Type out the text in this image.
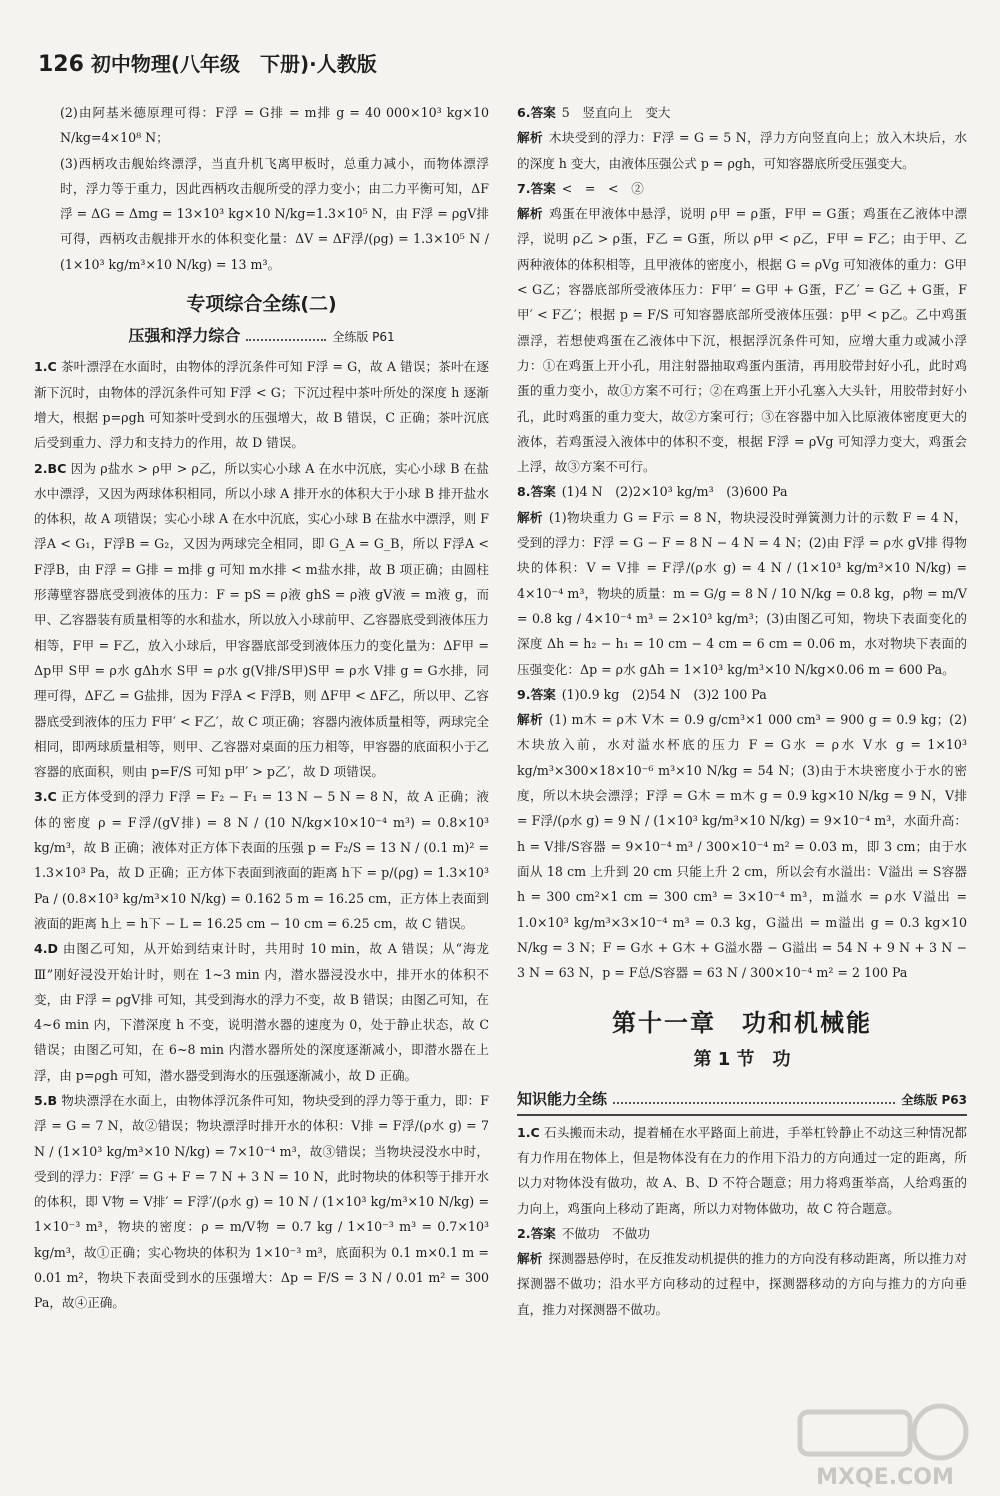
126 初中物理(八年级　下册)·人教版

(2)由阿基米德原理可得：F浮 = G排 = m排 g = 40 000×10³ kg×10 N/kg=4×10⁸ N；

(3)西柄攻击舰始终漂浮，当直升机飞离甲板时，总重力减小，而物体漂浮时，浮力等于重力，因此西柄攻击舰所受的浮力变小；由二力平衡可知，ΔF浮 = ΔG = Δmg = 13×10³ kg×10 N/kg=1.3×10⁵ N，由 F浮 = ρgV排 可得，西柄攻击舰排开水的体积变化量：ΔV = ΔF浮/(ρg) = 1.3×10⁵ N / (1×10³ kg/m³×10 N/kg) = 13 m³。

专项综合全练(二)
压强和浮力综合	全练版 P61

1.C 茶叶漂浮在水面时，由物体的浮沉条件可知 F浮 = G，故 A 错误；茶叶在逐渐下沉时，由物体的浮沉条件可知 F浮 < G；下沉过程中茶叶所处的深度 h 逐渐增大，根据 p=ρgh 可知茶叶受到水的压强增大，故 B 错误，C 正确；茶叶沉底后受到重力、浮力和支持力的作用，故 D 错误。

2.BC 因为 ρ盐水 > ρ甲 > ρ乙，所以实心小球 A 在水中沉底，实心小球 B 在盐水中漂浮，又因为两球体积相同，所以小球 A 排开水的体积大于小球 B 排开盐水的体积，故 A 项错误；实心小球 A 在水中沉底，实心小球 B 在盐水中漂浮，则 F浮A < G₁，F浮B = G₂，又因为两球完全相同，即 G_A = G_B，所以 F浮A < F浮B，由 F浮 = G排 = m排 g 可知 m水排 < m盐水排，故 B 项正确；由圆柱形薄壁容器底受到液体的压力：F = pS = ρ液 ghS = ρ液 gV液 = m液 g，而甲、乙容器装有质量相等的水和盐水，所以放入小球前甲、乙容器底受到液体压力相等，F甲 = F乙，放入小球后，甲容器底部受到液体压力的变化量为：ΔF甲 = Δp甲 S甲 = ρ水 gΔh水 S甲 = ρ水 g(V排/S甲)S甲 = ρ水 V排 g = G水排，同理可得，ΔF乙 = G盐排，因为 F浮A < F浮B，则 ΔF甲 < ΔF乙，所以甲、乙容器底受到液体的压力 F甲′ < F乙′，故 C 项正确；容器内液体质量相等，两球完全相同，即两球质量相等，则甲、乙容器对桌面的压力相等，甲容器的底面积小于乙容器的底面积，则由 p=F/S 可知 p甲′ > p乙′，故 D 项错误。

3.C 正方体受到的浮力 F浮 = F₂ − F₁ = 13 N − 5 N = 8 N，故 A 正确；液体的密度 ρ = F浮/(gV排) = 8 N / (10 N/kg×10×10⁻⁴ m³) = 0.8×10³ kg/m³，故 B 正确；液体对正方体下表面的压强 p = F₂/S = 13 N / (0.1 m)² = 1.3×10³ Pa，故 D 正确；正方体下表面到液面的距离 h下 = p/(ρg) = 1.3×10³ Pa / (0.8×10³ kg/m³×10 N/kg) = 0.162 5 m = 16.25 cm，正方体上表面到液面的距离 h上 = h下 − L = 16.25 cm − 10 cm = 6.25 cm，故 C 错误。

4.D 由图乙可知，从开始到结束计时，共用时 10 min，故 A 错误；从“海龙Ⅲ”刚好浸没开始计时，则在 1~3 min 内，潜水器浸没水中，排开水的体积不变，由 F浮 = ρgV排 可知，其受到海水的浮力不变，故 B 错误；由图乙可知，在 4~6 min 内，下潜深度 h 不变，说明潜水器的速度为 0，处于静止状态，故 C 错误；由图乙可知，在 6~8 min 内潜水器所处的深度逐渐减小，即潜水器在上浮，由 p=ρgh 可知，潜水器受到海水的压强逐渐减小，故 D 正确。

5.B 物块漂浮在水面上，由物体浮沉条件可知，物块受到的浮力等于重力，即：F浮 = G = 7 N，故②错误；物块漂浮时排开水的体积：V排 = F浮/(ρ水 g) = 7 N / (1×10³ kg/m³×10 N/kg) = 7×10⁻⁴ m³，故③错误；当物块浸没水中时，受到的浮力：F浮′ = G + F = 7 N + 3 N = 10 N，此时物块的体积等于排开水的体积，即 V物 = V排′ = F浮′/(ρ水 g) = 10 N / (1×10³ kg/m³×10 N/kg) = 1×10⁻³ m³，物块的密度：ρ = m/V物 = 0.7 kg / 1×10⁻³ m³ = 0.7×10³ kg/m³，故①正确；实心物块的体积为 1×10⁻³ m³，底面积为 0.1 m×0.1 m = 0.01 m²，物块下表面受到水的压强增大：Δp = F/S = 3 N / 0.01 m² = 300 Pa，故④正确。

6.答案 5　竖直向上　变大

解析 木块受到的浮力：F浮 = G = 5 N，浮力方向竖直向上；放入木块后，水的深度 h 变大，由液体压强公式 p = ρgh，可知容器底所受压强变大。

7.答案 <　=　<　②

解析 鸡蛋在甲液体中悬浮，说明 ρ甲 = ρ蛋，F甲 = G蛋；鸡蛋在乙液体中漂浮，说明 ρ乙 > ρ蛋，F乙 = G蛋，所以 ρ甲 < ρ乙，F甲 = F乙；由于甲、乙两种液体的体积相等，且甲液体的密度小，根据 G = ρVg 可知液体的重力：G甲 < G乙；容器底部所受液体压力：F甲′ = G甲 + G蛋，F乙′ = G乙 + G蛋，F甲′ < F乙′；根据 p = F/S 可知容器底部所受液体压强：p甲 < p乙。乙中鸡蛋漂浮，若想使鸡蛋在乙液体中下沉，根据浮沉条件可知，应增大重力或减小浮力：①在鸡蛋上开小孔，用注射器抽取鸡蛋内蛋清，再用胶带封好小孔，此时鸡蛋的重力变小，故①方案不可行；②在鸡蛋上开小孔塞入大头针，用胶带封好小孔，此时鸡蛋的重力变大，故②方案可行；③在容器中加入比原液体密度更大的液体，若鸡蛋浸入液体中的体积不变，根据 F浮 = ρVg 可知浮力变大，鸡蛋会上浮，故③方案不可行。

8.答案 (1)4 N　(2)2×10³ kg/m³　(3)600 Pa

解析 (1)物块重力 G = F示 = 8 N，物块浸没时弹簧测力计的示数 F = 4 N，受到的浮力：F浮 = G − F = 8 N − 4 N = 4 N；(2)由 F浮 = ρ水 gV排 得物块的体积：V = V排 = F浮/(ρ水 g) = 4 N / (1×10³ kg/m³×10 N/kg) = 4×10⁻⁴ m³，物块的质量：m = G/g = 8 N / 10 N/kg = 0.8 kg，ρ物 = m/V = 0.8 kg / 4×10⁻⁴ m³ = 2×10³ kg/m³；(3)由图乙可知，物块下表面变化的深度 Δh = h₂ − h₁ = 10 cm − 4 cm = 6 cm = 0.06 m，水对物块下表面的压强变化：Δp = ρ水 gΔh = 1×10³ kg/m³×10 N/kg×0.06 m = 600 Pa。

9.答案 (1)0.9 kg　(2)54 N　(3)2 100 Pa

解析 (1) m木 = ρ木 V木 = 0.9 g/cm³×1 000 cm³ = 900 g = 0.9 kg；(2)木块放入前，水对溢水杯底的压力 F = G水 = ρ水 V水 g = 1×10³ kg/m³×300×18×10⁻⁶ m³×10 N/kg = 54 N；(3)由于木块密度小于水的密度，所以木块会漂浮；F浮 = G木 = m木 g = 0.9 kg×10 N/kg = 9 N，V排 = F浮/(ρ水 g) = 9 N / (1×10³ kg/m³×10 N/kg) = 9×10⁻⁴ m³，水面升高：h = V排/S容器 = 9×10⁻⁴ m³ / 300×10⁻⁴ m² = 0.03 m，即 3 cm；由于水面从 18 cm 上升到 20 cm 只能上升 2 cm，所以会有水溢出：V溢出 = S容器 h = 300 cm²×1 cm = 300 cm³ = 3×10⁻⁴ m³，m溢水 = ρ水 V溢出 = 1.0×10³ kg/m³×3×10⁻⁴ m³ = 0.3 kg，G溢出 = m溢出 g = 0.3 kg×10 N/kg = 3 N；F = G水 + G木 + G溢水器 − G溢出 = 54 N + 9 N + 3 N − 3 N = 63 N，p = F总/S容器 = 63 N / 300×10⁻⁴ m² = 2 100 Pa

第十一章　功和机械能
第 1 节　功
知识能力全练	全练版 P63

1.C 石头搬而未动，提着桶在水平路面上前进，手举杠铃静止不动这三种情况都有力作用在物体上，但是物体没有在力的作用下沿力的方向通过一定的距离，所以力对物体没有做功，故 A、B、D 不符合题意；用力将鸡蛋举高，人给鸡蛋的力向上，鸡蛋向上移动了距离，所以力对物体做功，故 C 符合题意。

2.答案 不做功　不做功

解析 探测器悬停时，在反推发动机提供的推力的方向没有移动距离，所以推力对探测器不做功；沿水平方向移动的过程中，探测器移动的方向与推力的方向垂直，推力对探测器不做功。

MXQE.COM
